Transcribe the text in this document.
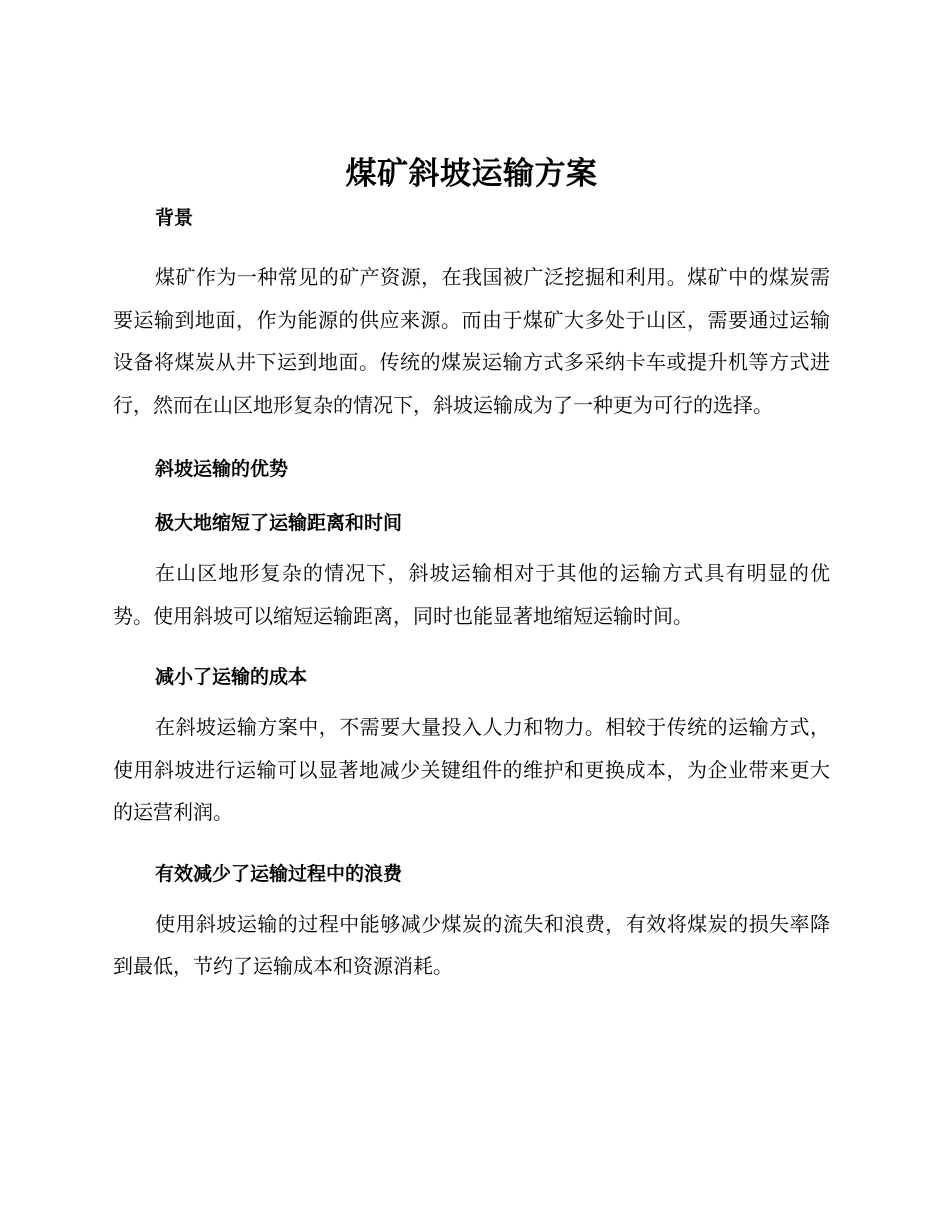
煤矿斜坡运输方案
背景

煤矿作为一种常见的矿产资源，在我国被广泛挖掘和利用。煤矿中的煤炭需要运输到地面，作为能源的供应来源。而由于煤矿大多处于山区，需要通过运输设备将煤炭从井下运到地面。传统的煤炭运输方式多采纳卡车或提升机等方式进行，然而在山区地形复杂的情况下，斜坡运输成为了一种更为可行的选择。

斜坡运输的优势
极大地缩短了运输距离和时间

在山区地形复杂的情况下，斜坡运输相对于其他的运输方式具有明显的优势。使用斜坡可以缩短运输距离，同时也能显著地缩短运输时间。

减小了运输的成本

在斜坡运输方案中，不需要大量投入人力和物力。相较于传统的运输方式，使用斜坡进行运输可以显著地减少关键组件的维护和更换成本，为企业带来更大的运营利润。

有效减少了运输过程中的浪费

使用斜坡运输的过程中能够减少煤炭的流失和浪费，有效将煤炭的损失率降到最低，节约了运输成本和资源消耗。
